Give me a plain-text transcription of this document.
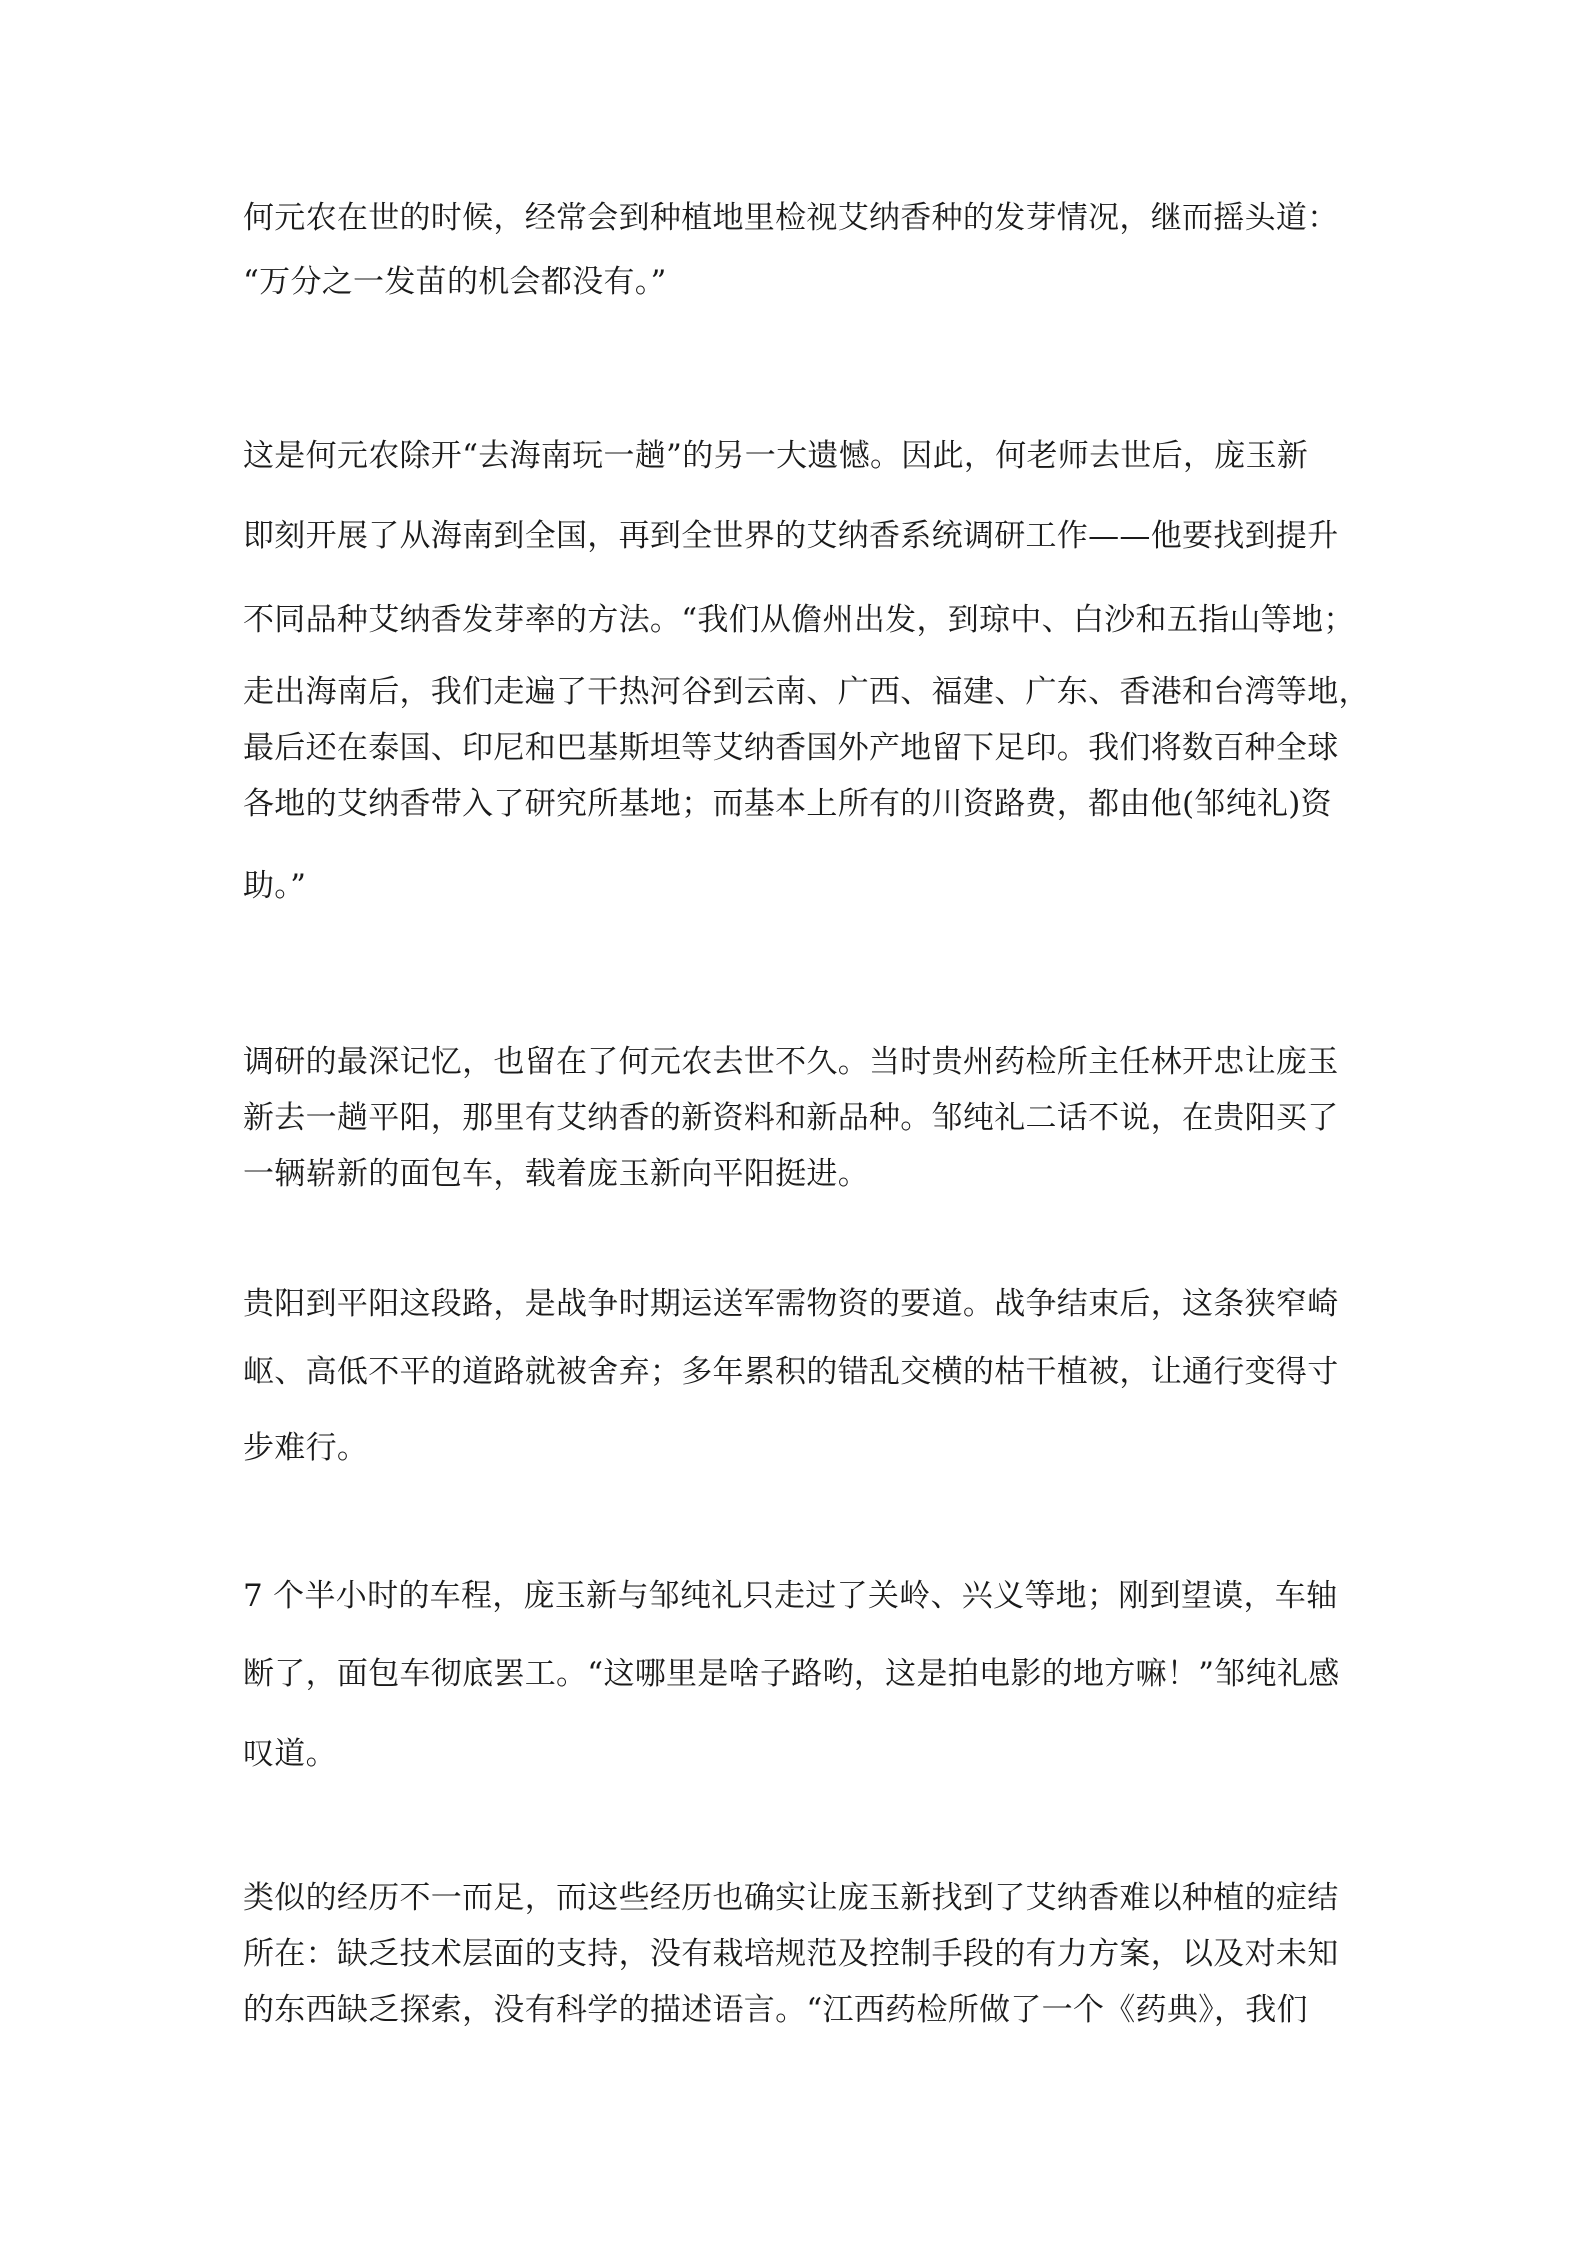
何元农在世的时候，经常会到种植地里检视艾纳香种的发芽情况，继而摇头道：
“万分之一发苗的机会都没有。”
这是何元农除开“去海南玩一趟”的另一大遗憾。因此，何老师去世后，庞玉新
即刻开展了从海南到全国，再到全世界的艾纳香系统调研工作——他要找到提升
不同品种艾纳香发芽率的方法。“我们从儋州出发，到琼中、白沙和五指山等地；
走出海南后，我们走遍了干热河谷到云南、广西、福建、广东、香港和台湾等地，
最后还在泰国、印尼和巴基斯坦等艾纳香国外产地留下足印。我们将数百种全球
各地的艾纳香带入了研究所基地；而基本上所有的川资路费，都由他(邹纯礼)资
助。”
调研的最深记忆，也留在了何元农去世不久。当时贵州药检所主任林开忠让庞玉
新去一趟平阳，那里有艾纳香的新资料和新品种。邹纯礼二话不说，在贵阳买了
一辆崭新的面包车，载着庞玉新向平阳挺进。
贵阳到平阳这段路，是战争时期运送军需物资的要道。战争结束后，这条狭窄崎
岖、高低不平的道路就被舍弃；多年累积的错乱交横的枯干植被，让通行变得寸
步难行。
7 个半小时的车程，庞玉新与邹纯礼只走过了关岭、兴义等地；刚到望谟，车轴
断了，面包车彻底罢工。“这哪里是啥子路哟，这是拍电影的地方嘛！”邹纯礼感
叹道。
类似的经历不一而足，而这些经历也确实让庞玉新找到了艾纳香难以种植的症结
所在：缺乏技术层面的支持，没有栽培规范及控制手段的有力方案，以及对未知
的东西缺乏探索，没有科学的描述语言。“江西药检所做了一个《药典》，我们
